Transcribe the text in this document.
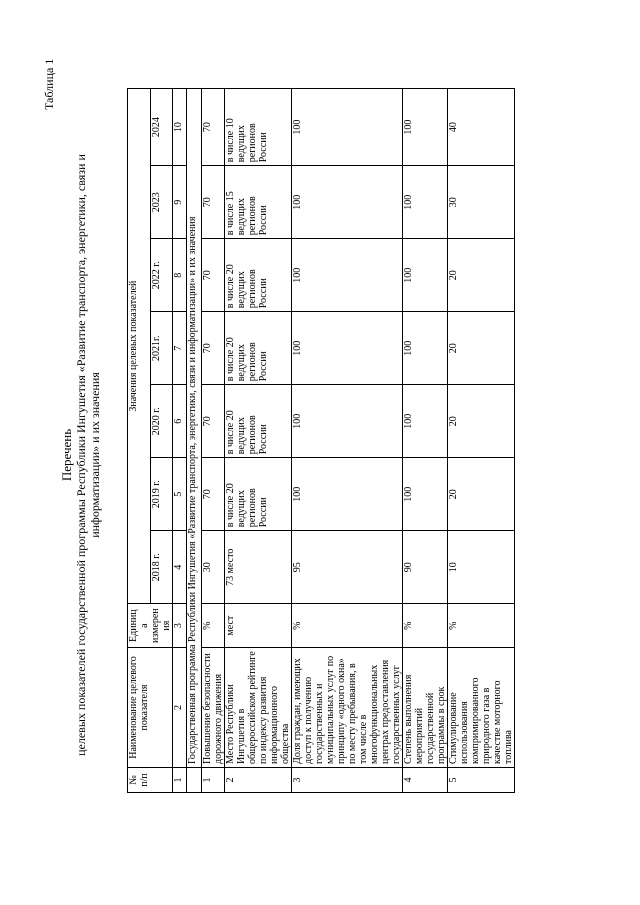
Таблица 1
Перечень целевых показателей государственной программы Республики Ингушетия «Развитие транспорта, энергетики, связи и информатизации» и их значения
№ п/п	Наименование целевого показателя	Единица измерения	Значения целевых показателей						
			2018 г.	2019 г.	2020 г.	2021г.	2022 г.	2023	2024
1	2	3	4	5	6	7	8	9	10
	Государственная программа Республики Ингушетия «Развитие транспорта, энергетики, связи и информатизации» и их значения								
1	Повышение безопасности дорожного движения	%	30	70	70	70	70	70	70
2	Место Республики Ингушетия в общероссийском рейтинге по индексу развития информационного общества	мест	73 место	в числе 20 ведущих регионов России	в числе 20 ведущих регионов России	в числе 20 ведущих регионов России	в числе 20 ведущих регионов России	в числе 15 ведущих регионов России	в числе 10 ведущих регионов России
3	Доля граждан, имеющих доступ к получению государственных и муниципальных услуг по принципу «одного окна» по месту пребывания, в том числе в многофункциональных центрах предоставления государственных услуг	%	95	100	100	100	100	100	100
4	Степень выполнения мероприятий государственной программы в срок	%	90	100	100	100	100	100	100
5	Стимулирование использования компримированного природного газа в качестве моторного топлива	%	10	20	20	20	20	30	40
